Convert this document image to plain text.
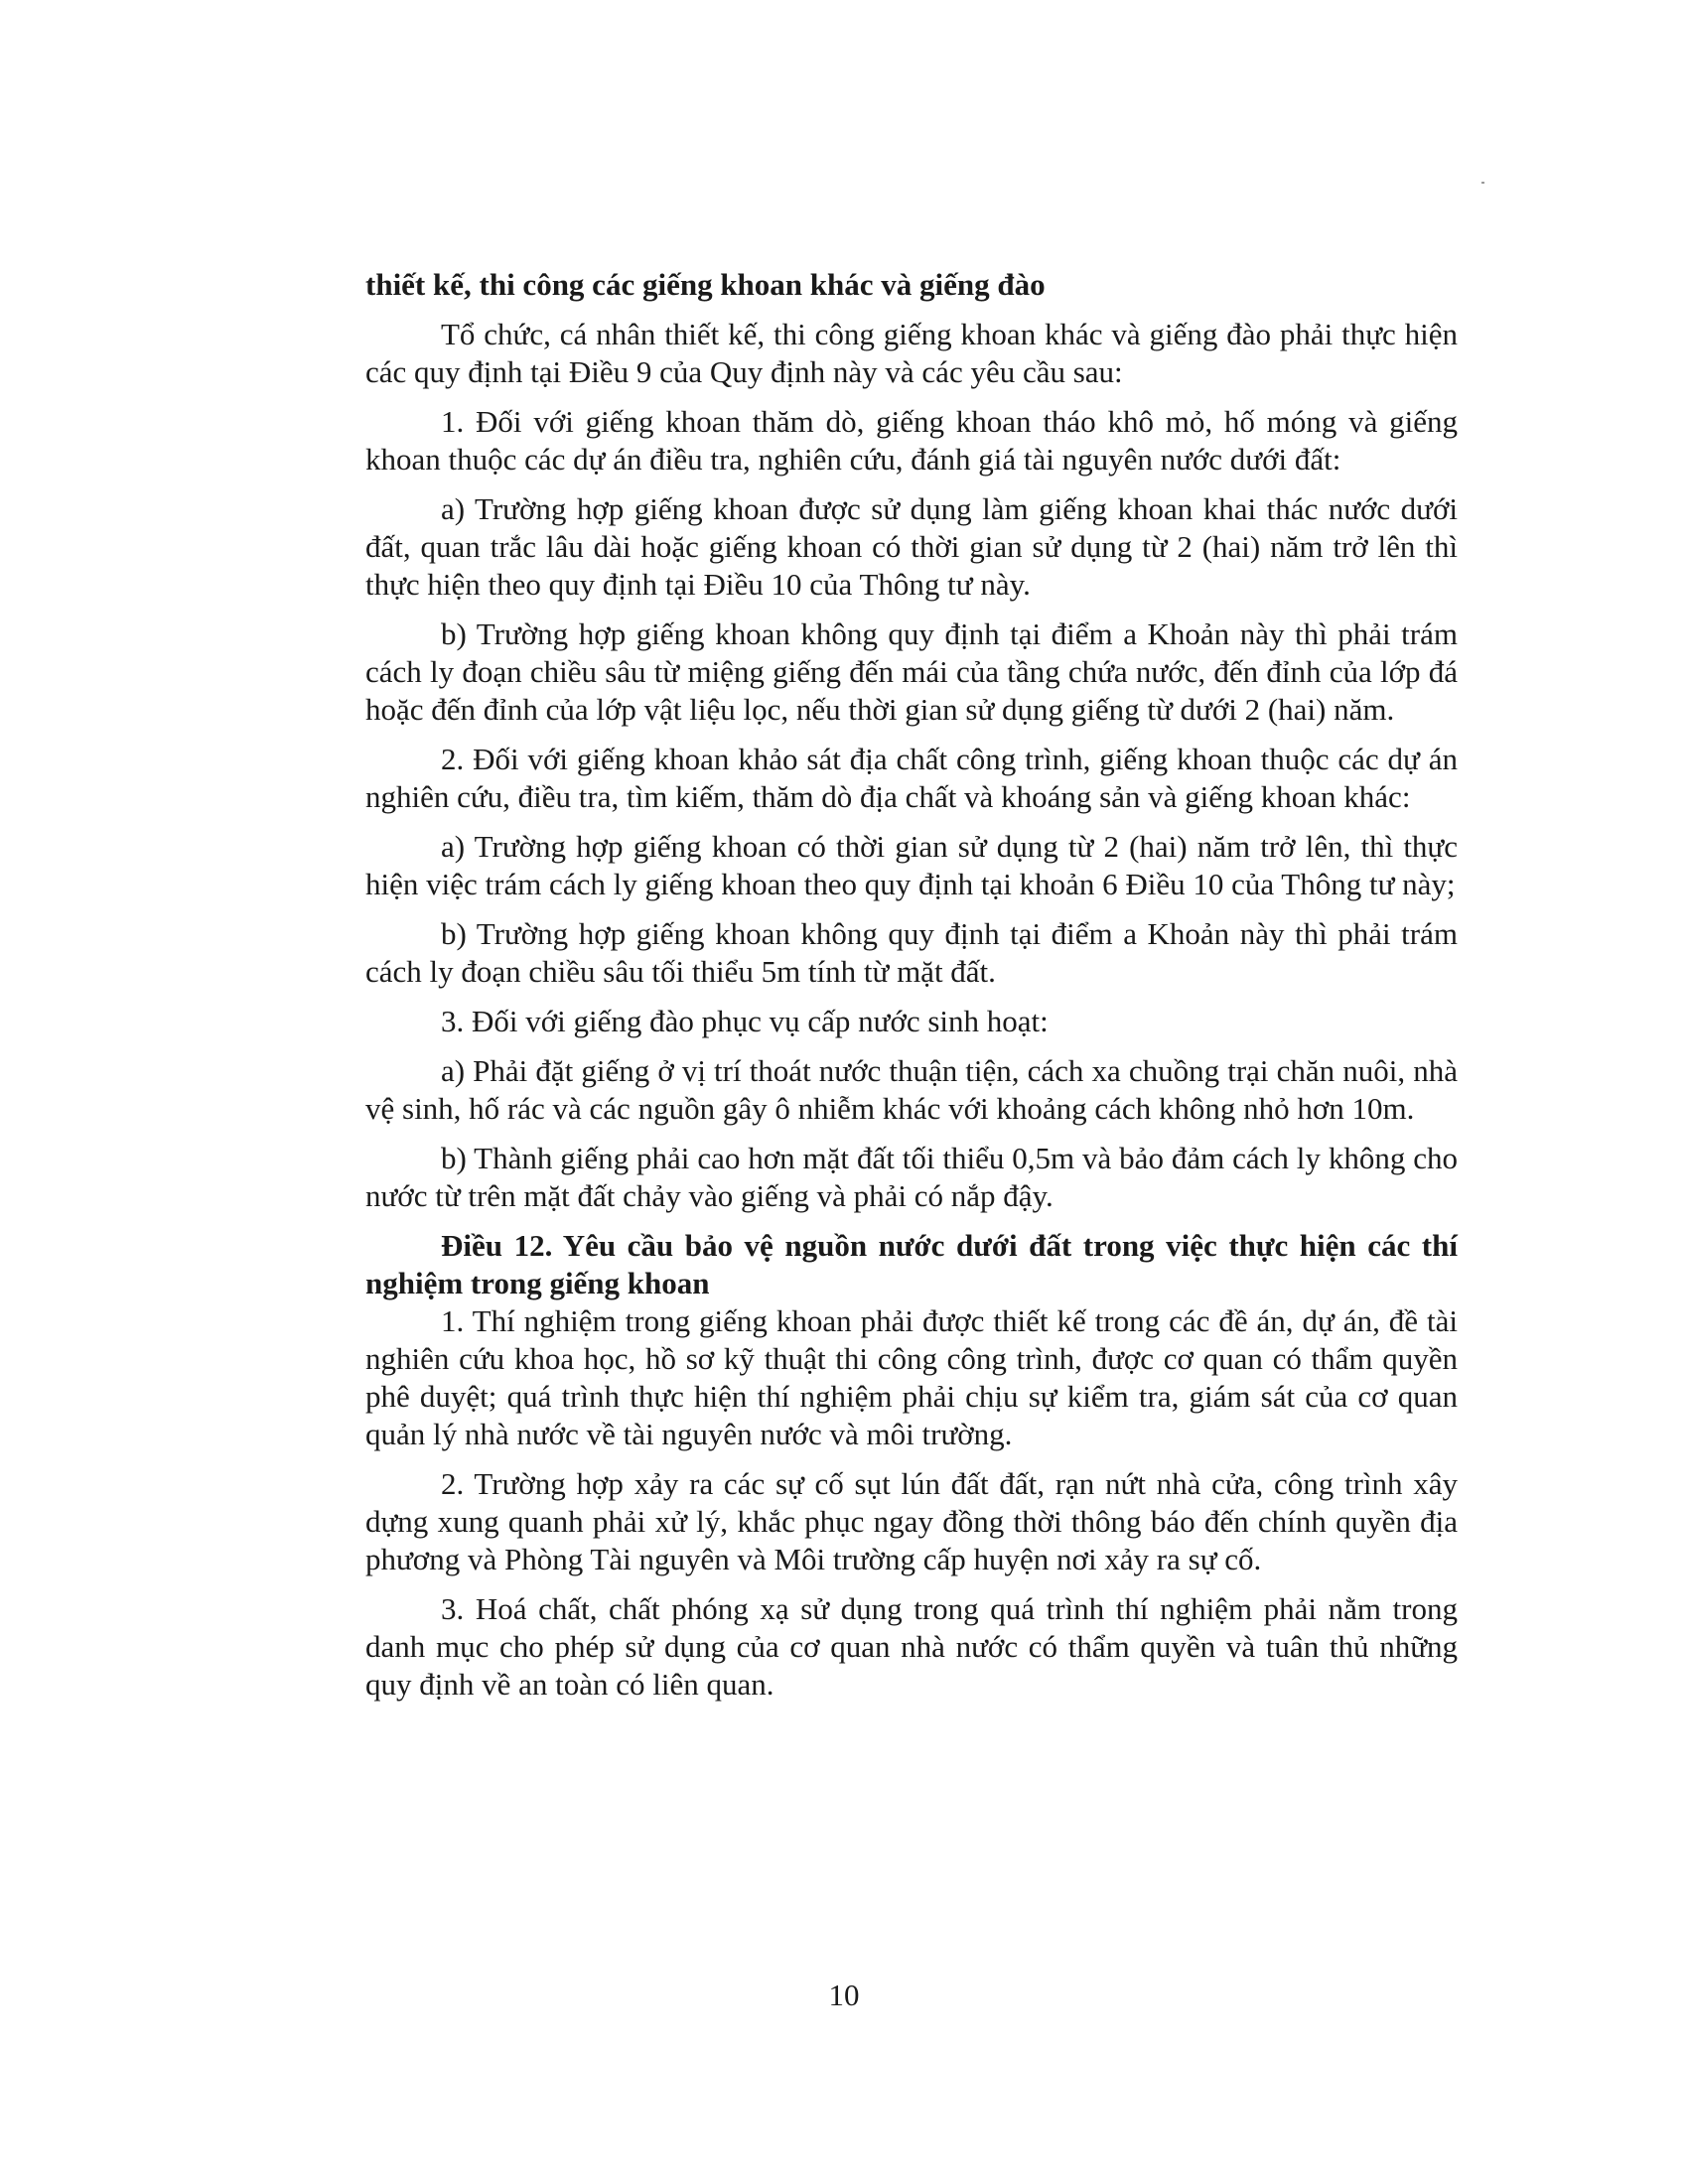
thiết kế, thi công các giếng khoan khác và giếng đào

Tổ chức, cá nhân thiết kế, thi công giếng khoan khác và giếng đào phải thực hiện các quy định tại Điều 9 của Quy định này và các yêu cầu sau:

1. Đối với giếng khoan thăm dò, giếng khoan tháo khô mỏ, hố móng và giếng khoan thuộc các dự án điều tra, nghiên cứu, đánh giá tài nguyên nước dưới đất:

a) Trường hợp giếng khoan được sử dụng làm giếng khoan khai thác nước dưới đất, quan trắc lâu dài hoặc giếng khoan có thời gian sử dụng từ 2 (hai) năm trở lên thì thực hiện theo quy định tại Điều 10 của Thông tư này.

b) Trường hợp giếng khoan không quy định tại điểm a Khoản này thì phải trám cách ly đoạn chiều sâu từ miệng giếng đến mái của tầng chứa nước, đến đỉnh của lớp đá hoặc đến đỉnh của lớp vật liệu lọc, nếu thời gian sử dụng giếng từ dưới 2 (hai) năm.

2. Đối với giếng khoan khảo sát địa chất công trình, giếng khoan thuộc các dự án nghiên cứu, điều tra, tìm kiếm, thăm dò địa chất và khoáng sản và giếng khoan khác:

a) Trường hợp giếng khoan có thời gian sử dụng từ 2 (hai) năm trở lên, thì thực hiện việc trám cách ly giếng khoan theo quy định tại khoản 6 Điều 10 của Thông tư này;

b) Trường hợp giếng khoan không quy định tại điểm a Khoản này thì phải trám cách ly đoạn chiều sâu tối thiểu 5m tính từ mặt đất.

3. Đối với giếng đào phục vụ cấp nước sinh hoạt:

a) Phải đặt giếng ở vị trí thoát nước thuận tiện, cách xa chuồng trại chăn nuôi, nhà vệ sinh, hố rác và các nguồn gây ô nhiễm khác với khoảng cách không nhỏ hơn 10m.

b) Thành giếng phải cao hơn mặt đất tối thiểu 0,5m và bảo đảm cách ly không cho nước từ trên mặt đất chảy vào giếng và phải có nắp đậy.

Điều 12. Yêu cầu bảo vệ nguồn nước dưới đất trong việc thực hiện các thí nghiệm trong giếng khoan

1. Thí nghiệm trong giếng khoan phải được thiết kế trong các đề án, dự án, đề tài nghiên cứu khoa học, hồ sơ kỹ thuật thi công công trình, được cơ quan có thẩm quyền phê duyệt; quá trình thực hiện thí nghiệm phải chịu sự kiểm tra, giám sát của cơ quan quản lý nhà nước về tài nguyên nước và môi trường.

2. Trường hợp xảy ra các sự cố sụt lún đất đất, rạn nứt nhà cửa, công trình xây dựng xung quanh phải xử lý, khắc phục ngay đồng thời thông báo đến chính quyền địa phương và Phòng Tài nguyên và Môi trường cấp huyện nơi xảy ra sự cố.

3. Hoá chất, chất phóng xạ sử dụng trong quá trình thí nghiệm phải nằm trong danh mục cho phép sử dụng của cơ quan nhà nước có thẩm quyền và tuân thủ những quy định về an toàn có liên quan.

10
